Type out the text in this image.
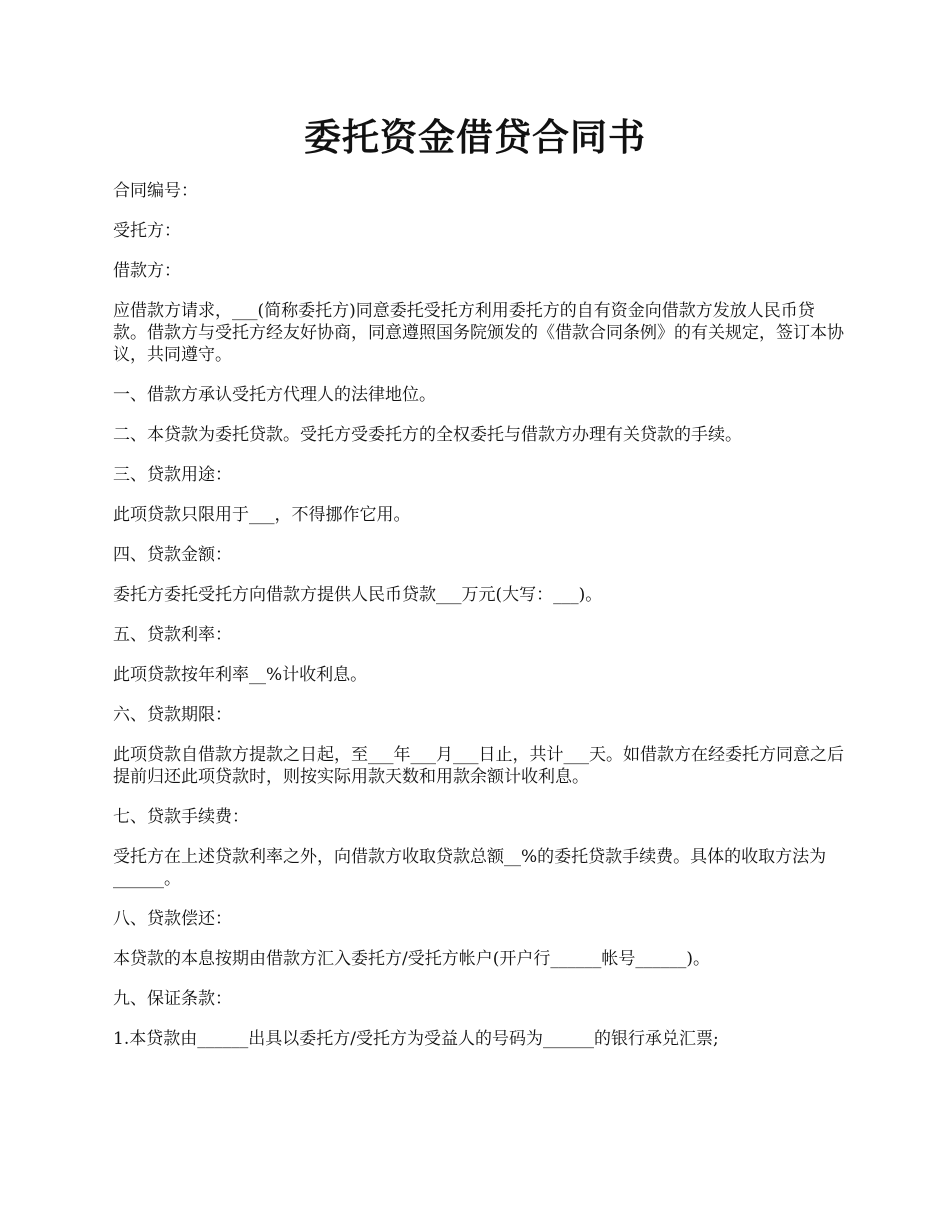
委托资金借贷合同书

合同编号：

受托方：

借款方：

应借款方请求，___(简称委托方)同意委托受托方利用委托方的自有资金向借款方发放人民币贷款。借款方与受托方经友好协商，同意遵照国务院颁发的《借款合同条例》的有关规定，签订本协议，共同遵守。

一、借款方承认受托方代理人的法律地位。

二、本贷款为委托贷款。受托方受委托方的全权委托与借款方办理有关贷款的手续。

三、贷款用途：

此项贷款只限用于___，不得挪作它用。

四、贷款金额：

委托方委托受托方向借款方提供人民币贷款___万元(大写：___)。

五、贷款利率：

此项贷款按年利率__%计收利息。

六、贷款期限：

此项贷款自借款方提款之日起，至___年___月___日止，共计___天。如借款方在经委托方同意之后提前归还此项贷款时，则按实际用款天数和用款余额计收利息。

七、贷款手续费：

受托方在上述贷款利率之外，向借款方收取贷款总额__%的委托贷款手续费。具体的收取方法为______。

八、贷款偿还：

本贷款的本息按期由借款方汇入委托方/受托方帐户(开户行______帐号______)。

九、保证条款：

1.本贷款由______出具以委托方/受托方为受益人的号码为______的银行承兑汇票;
